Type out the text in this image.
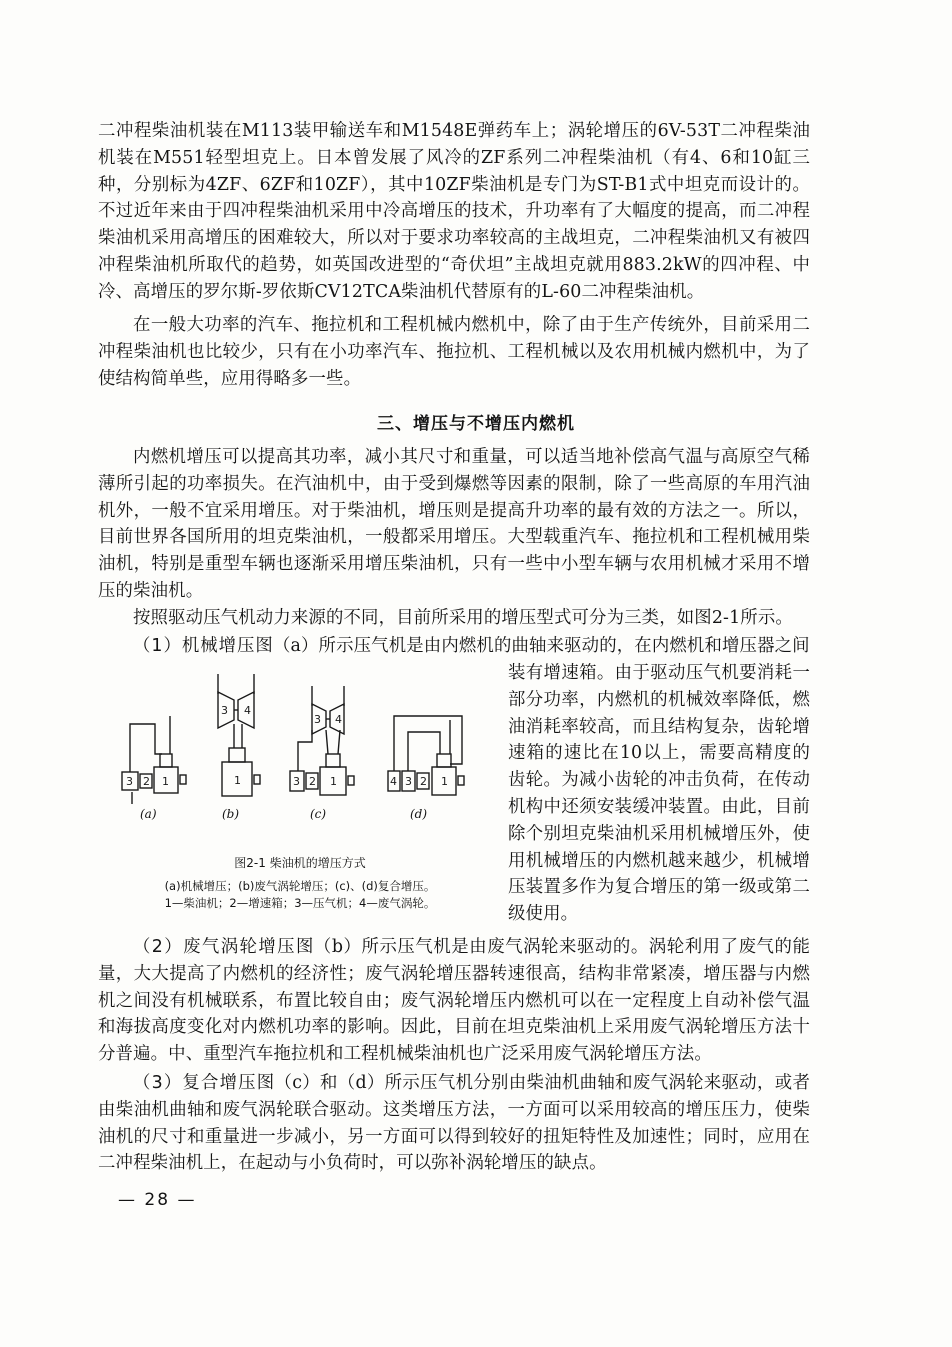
二冲程柴油机装在M113装甲输送车和M1548E弹药车上；涡轮增压的6V-53T二冲程柴油机装在M551轻型坦克上。日本曾发展了风冷的ZF系列二冲程柴油机（有4、6和10缸三种，分别标为4ZF、6ZF和10ZF），其中10ZF柴油机是专门为ST-B1式中坦克而设计的。不过近年来由于四冲程柴油机采用中冷高增压的技术，升功率有了大幅度的提高，而二冲程柴油机采用高增压的困难较大，所以对于要求功率较高的主战坦克，二冲程柴油机又有被四冲程柴油机所取代的趋势，如英国改进型的“奇伏坦”主战坦克就用883.2kW的四冲程、中冷、高增压的罗尔斯-罗依斯CV12TCA柴油机代替原有的L-60二冲程柴油机。
在一般大功率的汽车、拖拉机和工程机械内燃机中，除了由于生产传统外，目前采用二冲程柴油机也比较少，只有在小功率汽车、拖拉机、工程机械以及农用机械内燃机中，为了使结构简单些，应用得略多一些。
三、增压与不增压内燃机
内燃机增压可以提高其功率，减小其尺寸和重量，可以适当地补偿高气温与高原空气稀薄所引起的功率损失。在汽油机中，由于受到爆燃等因素的限制，除了一些高原的车用汽油机外，一般不宜采用增压。对于柴油机，增压则是提高升功率的最有效的方法之一。所以，目前世界各国所用的坦克柴油机，一般都采用增压。大型载重汽车、拖拉机和工程机械用柴油机，特别是重型车辆也逐渐采用增压柴油机，只有一些中小型车辆与农用机械才采用不增压的柴油机。
按照驱动压气机动力来源的不同，目前所采用的增压型式可分为三类，如图2-1所示。
（1）机械增压图（a）所示压气机是由内燃机的曲轴来驱动的，在内燃机和增压器之间
装有增速箱。由于驱动压气机要消耗一部分功率，内燃机的机械效率降低，燃油消耗率较高，而且结构复杂，齿轮增速箱的速比在10以上，需要高精度的齿轮。为减小齿轮的冲击负荷，在传动机构中还须安装缓冲装置。由此，目前除个别坦克柴油机采用机械增压外，使用机械增压的内燃机越来越少，机械增压装置多作为复合增压的第一级或第二级使用。
1
2
3	1
3 4
1
2
3
3 4
1
2
3
4
(a)	(b)	(c)	(d)
图2-1 柴油机的增压方式
(a)机械增压；(b)废气涡轮增压；(c)、(d)复合增压。
1—柴油机；2—增速箱；3—压气机；4—废气涡轮。
（2）废气涡轮增压图（b）所示压气机是由废气涡轮来驱动的。涡轮利用了废气的能量，大大提高了内燃机的经济性；废气涡轮增压器转速很高，结构非常紧凑，增压器与内燃机之间没有机械联系，布置比较自由；废气涡轮增压内燃机可以在一定程度上自动补偿气温和海拔高度变化对内燃机功率的影响。因此，目前在坦克柴油机上采用废气涡轮增压方法十分普遍。中、重型汽车拖拉机和工程机械柴油机也广泛采用废气涡轮增压方法。
（3）复合增压图（c）和（d）所示压气机分别由柴油机曲轴和废气涡轮来驱动，或者由柴油机曲轴和废气涡轮联合驱动。这类增压方法，一方面可以采用较高的增压压力，使柴油机的尺寸和重量进一步减小，另一方面可以得到较好的扭矩特性及加速性；同时，应用在二冲程柴油机上，在起动与小负荷时，可以弥补涡轮增压的缺点。
— 28 —
